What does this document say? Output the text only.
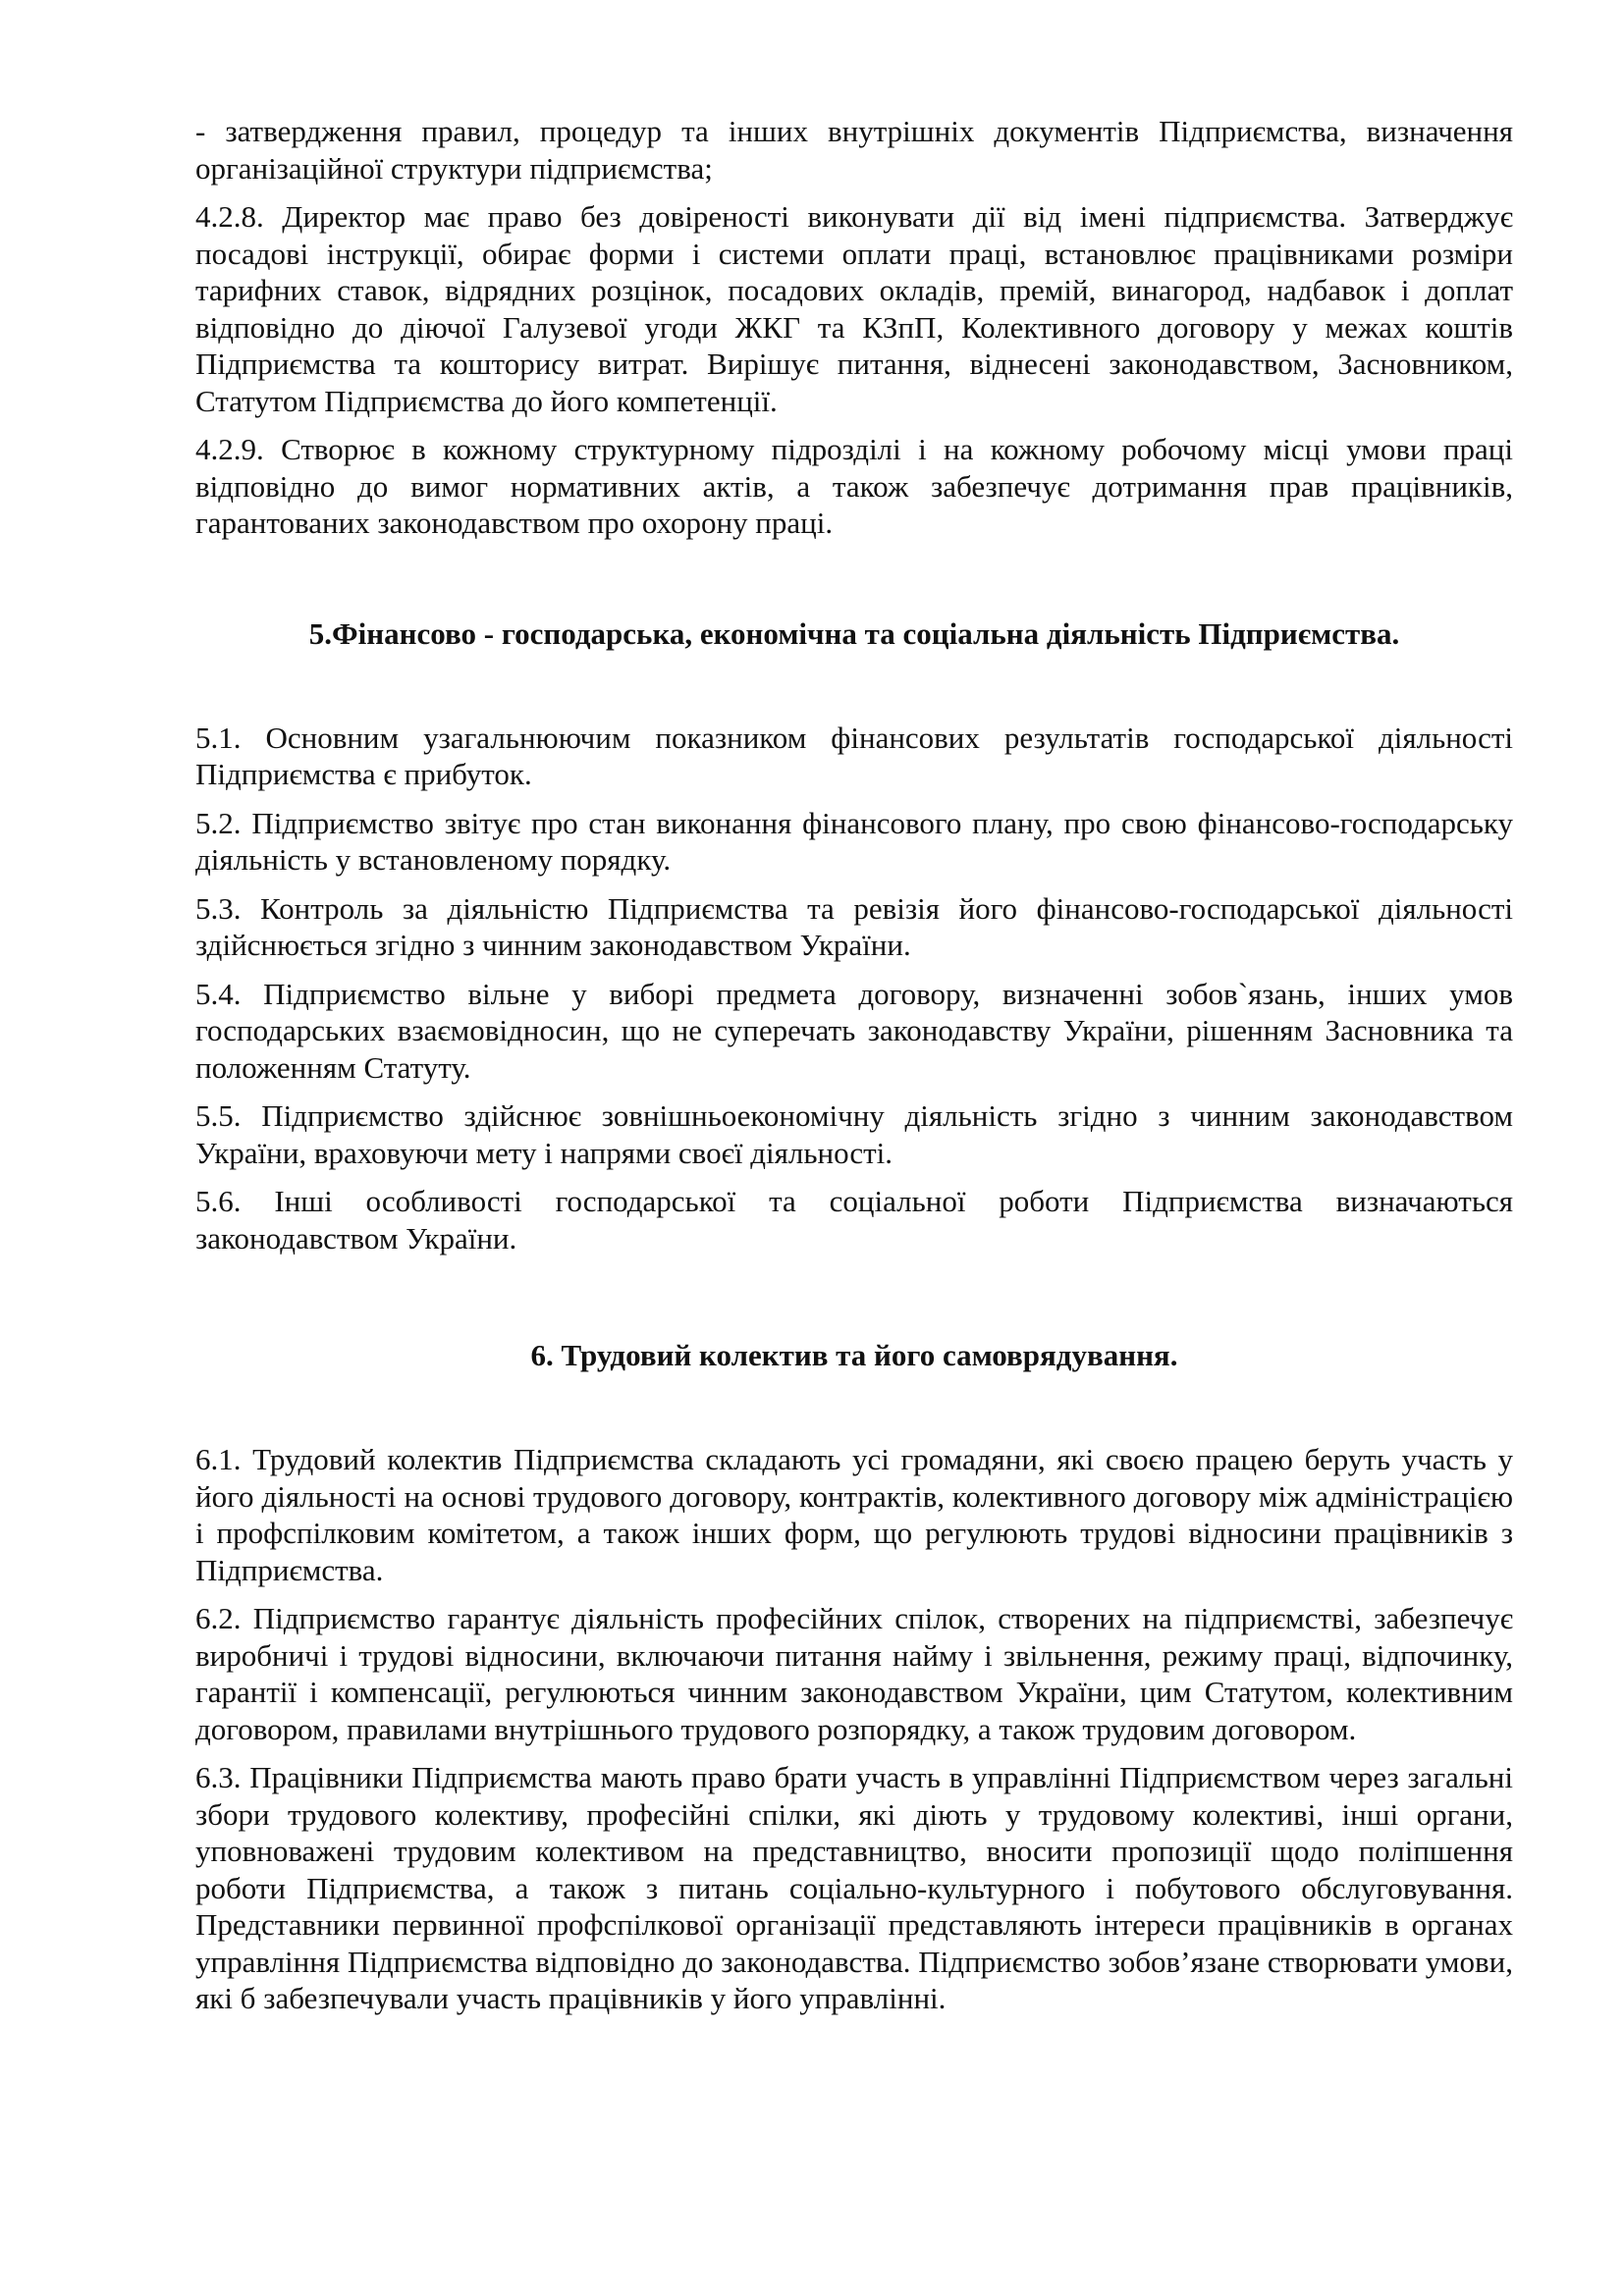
- затвердження правил, процедур та інших внутрішніх документів Підприємства, визначення організаційної структури підприємства;

4.2.8. Директор має право без довіреності виконувати дії від імені підприємства. Затверджує посадові інструкції, обирає форми і системи оплати праці, встановлює працівниками розміри тарифних ставок, відрядних розцінок, посадових окладів, премій, винагород, надбавок і доплат відповідно до діючої Галузевої угоди ЖКГ та КЗпП, Колективного договору у межах коштів Підприємства та кошторису витрат. Вирішує питання, віднесені законодавством, Засновником, Статутом Підприємства до його компетенції.

4.2.9. Створює в кожному структурному підрозділі і на кожному робочому місці умови праці відповідно до вимог нормативних актів, а також забезпечує дотримання прав працівників, гарантованих законодавством про охорону праці.

5.Фінансово - господарська, економічна та соціальна діяльність Підприємства.

5.1. Основним узагальнюючим показником фінансових результатів господарської діяльності Підприємства є прибуток.

5.2. Підприємство звітує про стан виконання фінансового плану, про свою фінансово-господарську діяльність у встановленому порядку.

5.3. Контроль за діяльністю Підприємства та ревізія його фінансово-господарської діяльності здійснюється згідно з чинним законодавством України.

5.4. Підприємство вільне у виборі предмета договору, визначенні зобов`язань, інших умов господарських взаємовідносин, що не суперечать законодавству України, рішенням Засновника та положенням Статуту.

5.5. Підприємство здійснює зовнішньоекономічну діяльність згідно з чинним законодавством України, враховуючи мету і напрями своєї діяльності.

5.6. Інші особливості господарської та соціальної роботи Підприємства визначаються законодавством України.

6. Трудовий колектив та його самоврядування.

6.1. Трудовий колектив Підприємства складають усі громадяни, які своєю працею беруть участь у його діяльності на основі трудового договору, контрактів, колективного договору між адміністрацією і профспілковим комітетом, а також інших форм, що регулюють трудові відносини працівників з Підприємства.

6.2. Підприємство гарантує діяльність професійних спілок, створених на підприємстві, забезпечує виробничі і трудові відносини, включаючи питання найму і звільнення, режиму праці, відпочинку, гарантії і компенсації, регулюються чинним законодавством України, цим Статутом, колективним договором, правилами внутрішнього трудового розпорядку, а також трудовим договором.

6.3. Працівники Підприємства мають право брати участь в управлінні Підприємством через загальні збори трудового колективу, професійні спілки, які діють у трудовому колективі, інші органи, уповноважені трудовим колективом на представництво, вносити пропозиції щодо поліпшення роботи Підприємства, а також з питань соціально-культурного і побутового обслуговування. Представники первинної профспілкової організації представляють інтереси працівників в органах управління Підприємства відповідно до законодавства. Підприємство зобов’язане створювати умови, які б забезпечували участь працівників у його управлінні.
